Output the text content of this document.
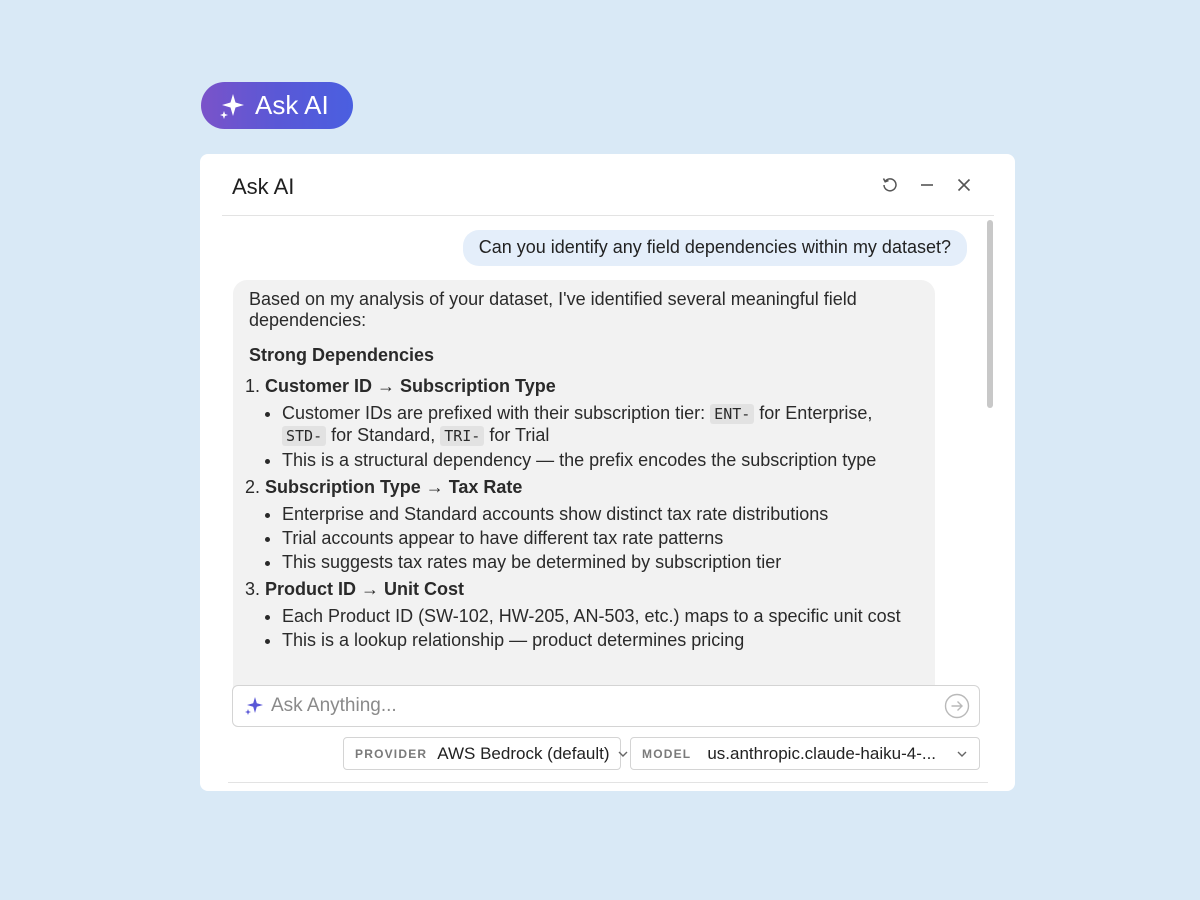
Ask AI
Ask AI
Can you identify any field dependencies within my dataset?

Based on my analysis of your dataset, I've identified several meaningful field dependencies:

Strong Dependencies
1. Customer ID → Subscription Type
• Customer IDs are prefixed with their subscription tier: ENT- for Enterprise, STD- for Standard, TRI- for Trial
• This is a structural dependency — the prefix encodes the subscription type
2. Subscription Type → Tax Rate
• Enterprise and Standard accounts show distinct tax rate distributions
• Trial accounts appear to have different tax rate patterns
• This suggests tax rates may be determined by subscription tier
3. Product ID → Unit Cost
• Each Product ID (SW-102, HW-205, AN-503, etc.) maps to a specific unit cost
• This is a lookup relationship — product determines pricing
Ask Anything...
PROVIDER AWS Bedrock (default)	MODEL us.anthropic.claude-haiku-4-...
